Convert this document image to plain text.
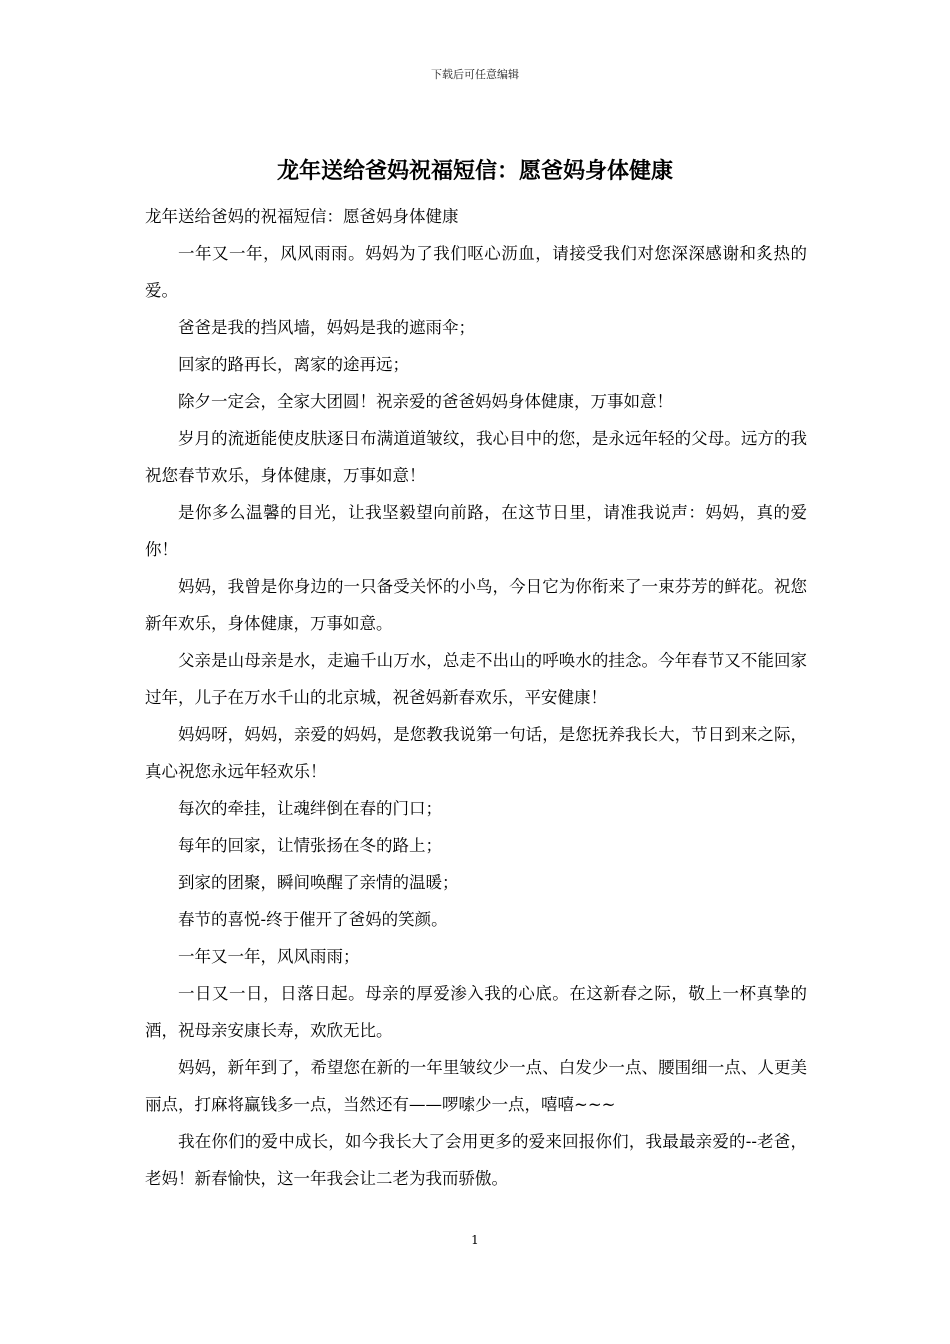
下载后可任意编辑
龙年送给爸妈祝福短信：愿爸妈身体健康

龙年送给爸妈的祝福短信：愿爸妈身体健康

一年又一年，风风雨雨。妈妈为了我们呕心沥血，请接受我们对您深深感谢和炙热的爱。

爸爸是我的挡风墙，妈妈是我的遮雨伞；

回家的路再长，离家的途再远；

除夕一定会，全家大团圆！祝亲爱的爸爸妈妈身体健康，万事如意！

岁月的流逝能使皮肤逐日布满道道皱纹，我心目中的您，是永远年轻的父母。远方的我祝您春节欢乐，身体健康，万事如意！

是你多么温馨的目光，让我坚毅望向前路，在这节日里，请准我说声：妈妈，真的爱你！

妈妈，我曾是你身边的一只备受关怀的小鸟，今日它为你衔来了一束芬芳的鲜花。祝您新年欢乐，身体健康，万事如意。

父亲是山母亲是水，走遍千山万水，总走不出山的呼唤水的挂念。今年春节又不能回家过年，儿子在万水千山的北京城，祝爸妈新春欢乐，平安健康！

妈妈呀，妈妈，亲爱的妈妈，是您教我说第一句话，是您抚养我长大，节日到来之际，真心祝您永远年轻欢乐！

每次的牵挂，让魂绊倒在春的门口；

每年的回家，让情张扬在冬的路上；

到家的团聚，瞬间唤醒了亲情的温暖；

春节的喜悦-终于催开了爸妈的笑颜。

一年又一年，风风雨雨；

一日又一日，日落日起。母亲的厚爱渗入我的心底。在这新春之际，敬上一杯真挚的酒，祝母亲安康长寿，欢欣无比。

妈妈，新年到了，希望您在新的一年里皱纹少一点、白发少一点、腰围细一点、人更美丽点，打麻将赢钱多一点，当然还有——啰嗦少一点，嘻嘻~~~

我在你们的爱中成长，如今我长大了会用更多的爱来回报你们，我最最亲爱的--老爸，老妈！新春愉快，这一年我会让二老为我而骄傲。

1
